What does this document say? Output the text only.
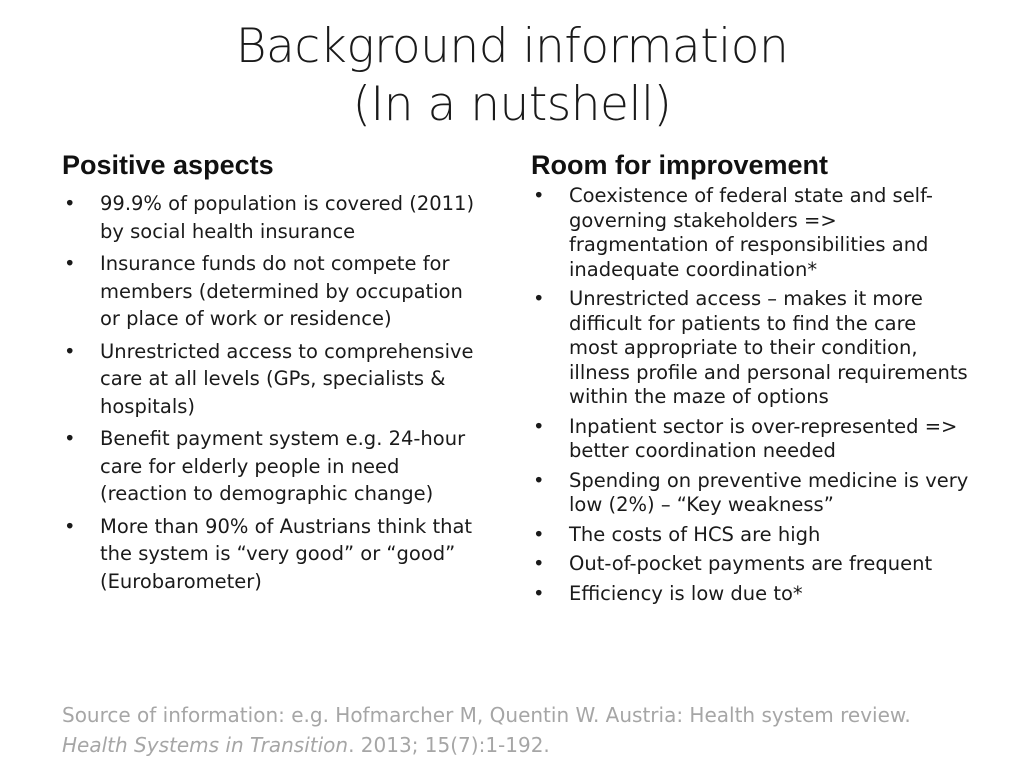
Background information
(In a nutshell)
Positive aspects
• 99.9% of population is covered (2011) by social health insurance
• Insurance funds do not compete for members (determined by occupation or place of work or residence)
• Unrestricted access to comprehensive care at all levels (GPs, specialists & hospitals)
• Benefit payment system e.g. 24-hour care for elderly people in need (reaction to demographic change)
• More than 90% of Austrians think that the system is “very good” or “good” (Eurobarometer)
Room for improvement
• Coexistence of federal state and self-governing stakeholders => fragmentation of responsibilities and inadequate coordination*
• Unrestricted access – makes it more difficult for patients to find the care most appropriate to their condition, illness profile and personal requirements within the maze of options
• Inpatient sector is over-represented => better coordination needed
• Spending on preventive medicine is very low (2%) – “Key weakness”
• The costs of HCS are high
• Out-of-pocket payments are frequent
• Efficiency is low due to*
Source of information: e.g. Hofmarcher M, Quentin W. Austria: Health system review. Health Systems in Transition. 2013; 15(7):1-192.
